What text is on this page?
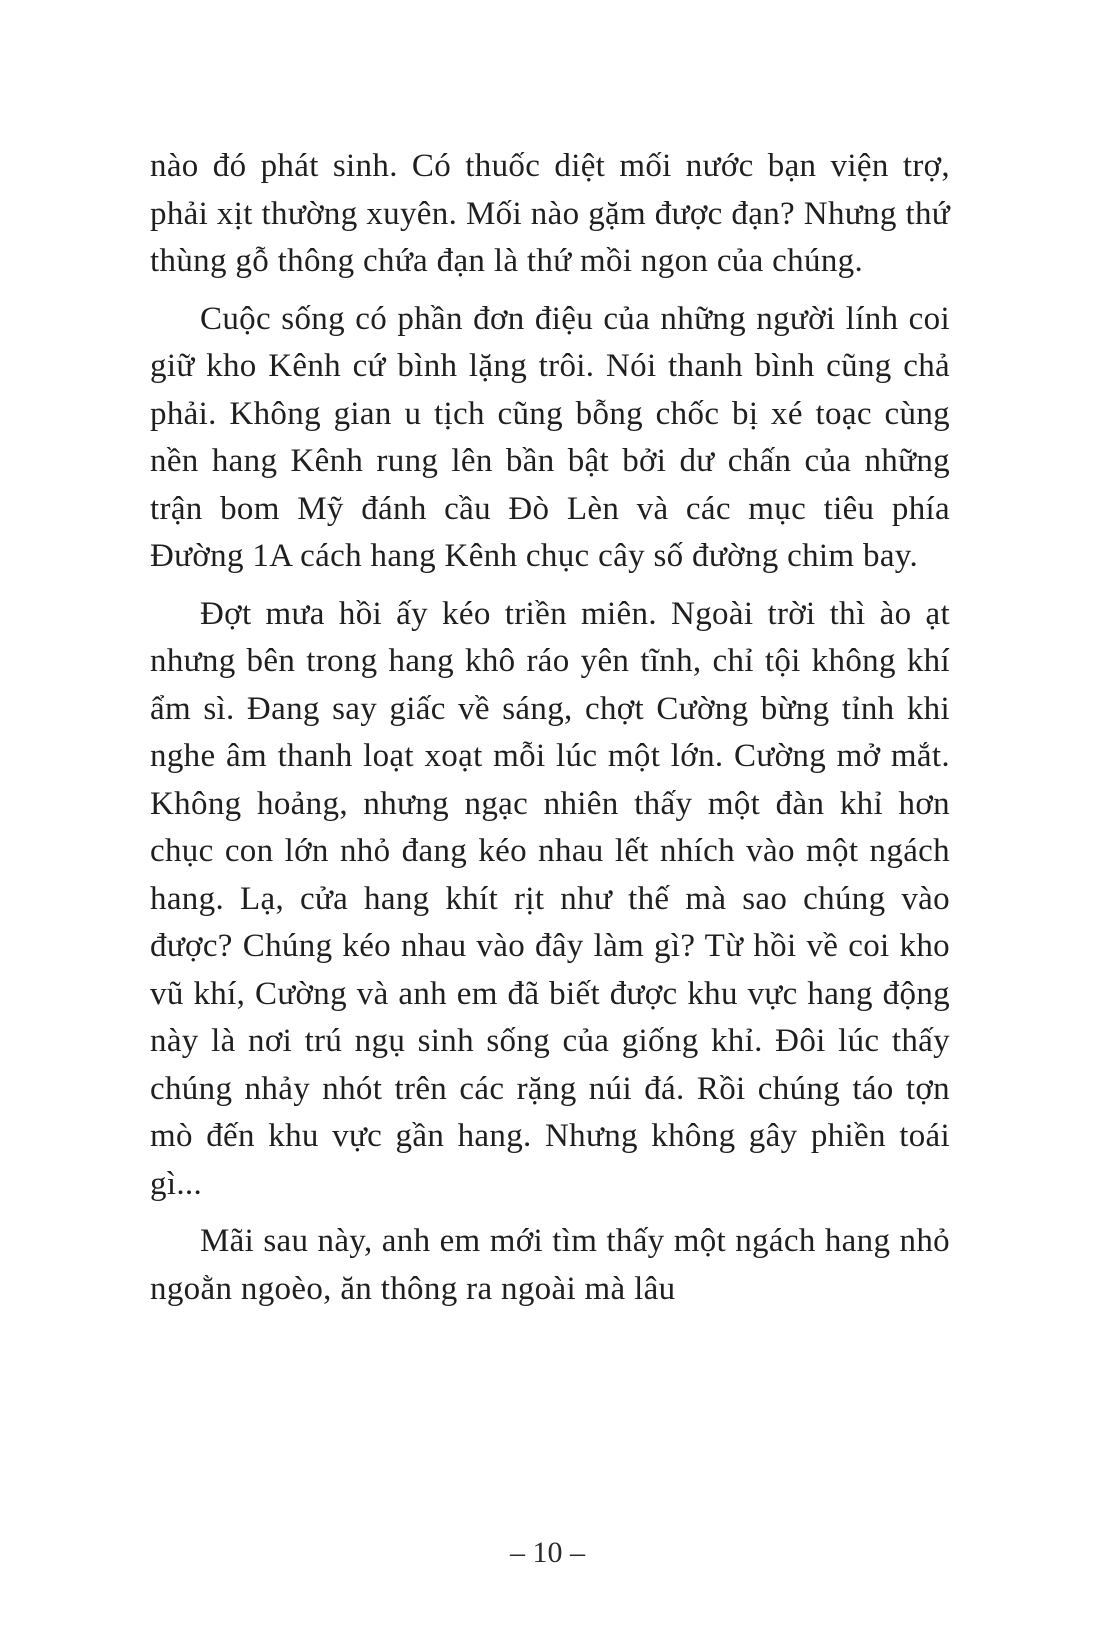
nào đó phát sinh. Có thuốc diệt mối nước bạn viện trợ, phải xịt thường xuyên. Mối nào gặm được đạn? Nhưng thứ thùng gỗ thông chứa đạn là thứ mồi ngon của chúng.

Cuộc sống có phần đơn điệu của những người lính coi giữ kho Kênh cứ bình lặng trôi. Nói thanh bình cũng chả phải. Không gian u tịch cũng bỗng chốc bị xé toạc cùng nền hang Kênh rung lên bần bật bởi dư chấn của những trận bom Mỹ đánh cầu Đò Lèn và các mục tiêu phía Đường 1A cách hang Kênh chục cây số đường chim bay.

Đợt mưa hồi ấy kéo triền miên. Ngoài trời thì ào ạt nhưng bên trong hang khô ráo yên tĩnh, chỉ tội không khí ẩm sì. Đang say giấc về sáng, chợt Cường bừng tỉnh khi nghe âm thanh loạt xoạt mỗi lúc một lớn. Cường mở mắt. Không hoảng, nhưng ngạc nhiên thấy một đàn khỉ hơn chục con lớn nhỏ đang kéo nhau lết nhích vào một ngách hang. Lạ, cửa hang khít rịt như thế mà sao chúng vào được? Chúng kéo nhau vào đây làm gì? Từ hồi về coi kho vũ khí, Cường và anh em đã biết được khu vực hang động này là nơi trú ngụ sinh sống của giống khỉ. Đôi lúc thấy chúng nhảy nhót trên các rặng núi đá. Rồi chúng táo tợn mò đến khu vực gần hang. Nhưng không gây phiền toái gì...

Mãi sau này, anh em mới tìm thấy một ngách hang nhỏ ngoằn ngoèo, ăn thông ra ngoài mà lâu

– 10 –
